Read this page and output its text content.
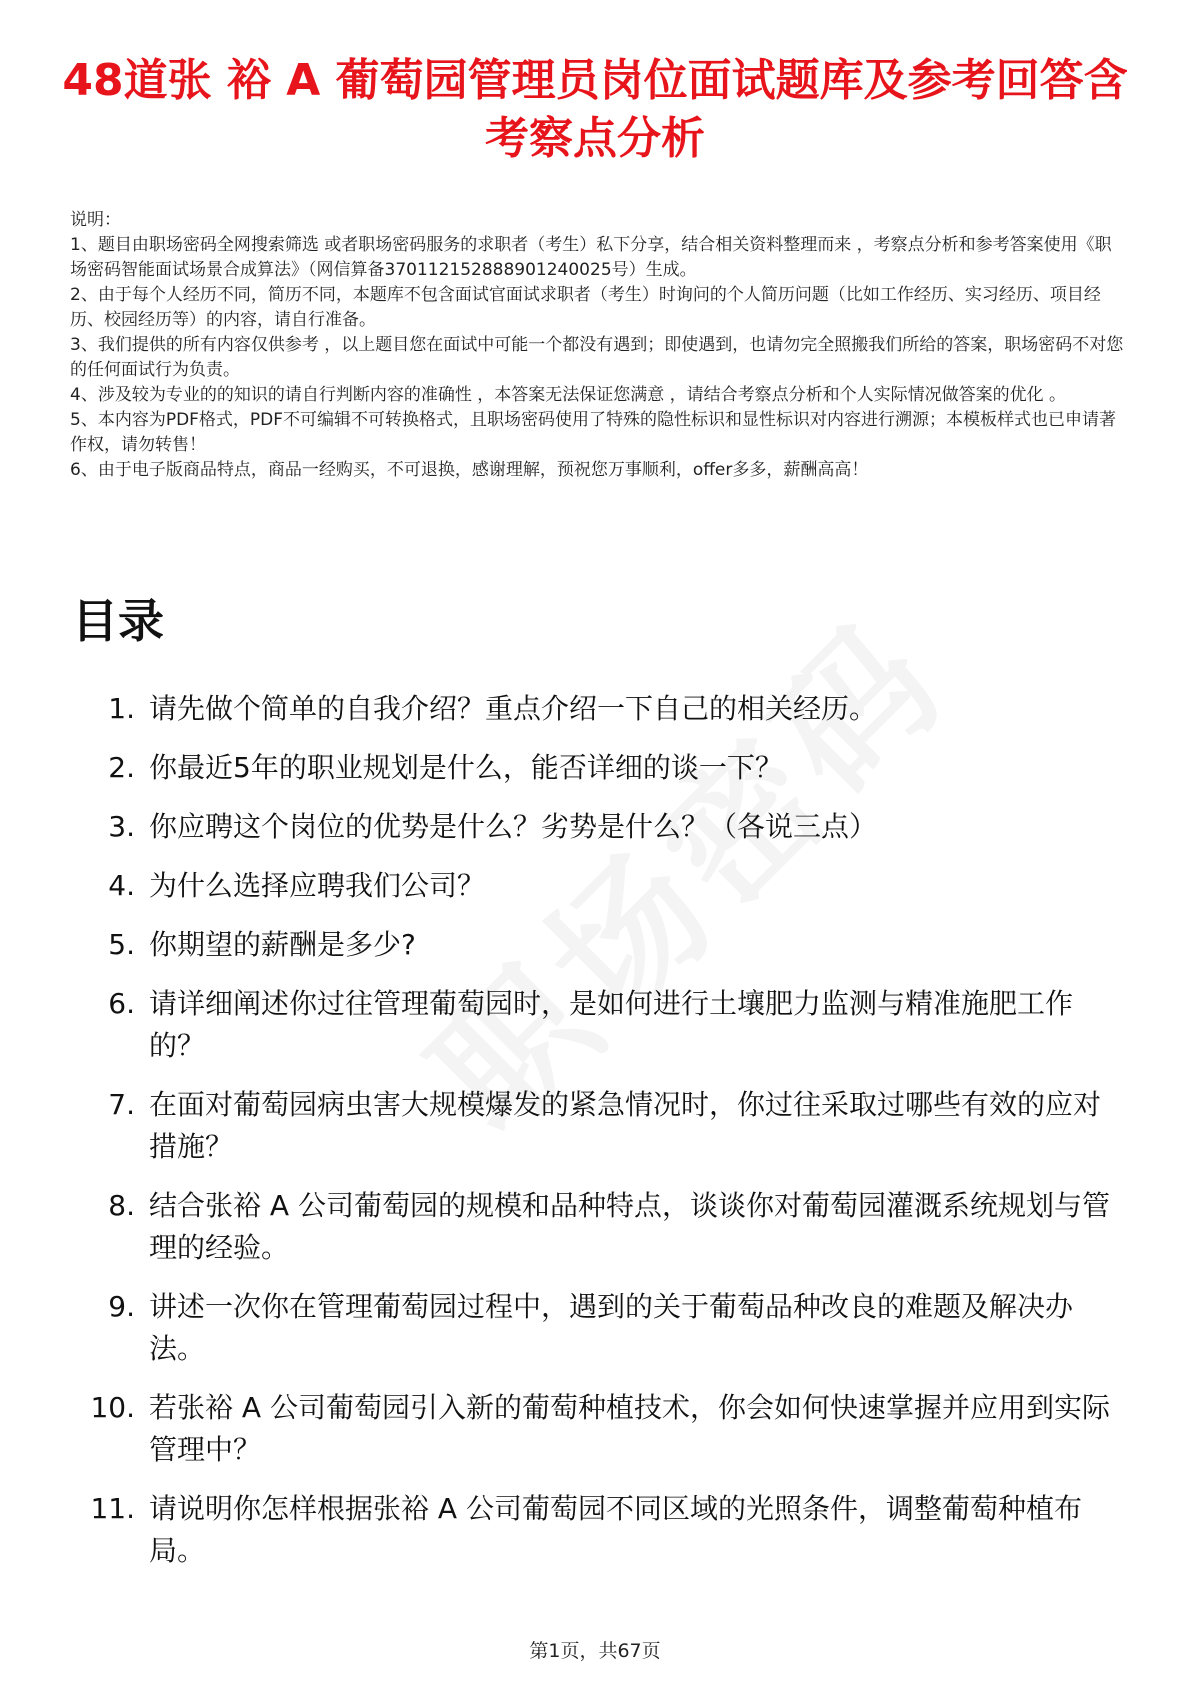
48道张 裕 A 葡萄园管理员岗位面试题库及参考回答含考察点分析
说明：
1、题目由职场密码全网搜索筛选 或者职场密码服务的求职者（考生）私下分享，结合相关资料整理而来 ，考察点分析和参考答案使用《职场密码智能面试场景合成算法》（网信算备370112152888901240025号）生成。
2、由于每个人经历不同，简历不同，本题库不包含面试官面试求职者（考生）时询问的个人简历问题（比如工作经历、实习经历、项目经历、校园经历等）的内容，请自行准备。
3、我们提供的所有内容仅供参考 ，以上题目您在面试中可能一个都没有遇到；即使遇到，也请勿完全照搬我们所给的答案，职场密码不对您的任何面试行为负责。
4、涉及较为专业的的知识的请自行判断内容的准确性 ，本答案无法保证您满意 ，请结合考察点分析和个人实际情况做答案的优化 。
5、本内容为PDF格式，PDF不可编辑不可转换格式，且职场密码使用了特殊的隐性标识和显性标识对内容进行溯源；本模板样式也已申请著作权，请勿转售！
6、由于电子版商品特点，商品一经购买，不可退换，感谢理解，预祝您万事顺利，offer多多，薪酬高高！
目录
1. 请先做个简单的自我介绍？重点介绍一下自己的相关经历。
2. 你最近5年的职业规划是什么，能否详细的谈一下？
3. 你应聘这个岗位的优势是什么？劣势是什么？（各说三点）
4. 为什么选择应聘我们公司？
5. 你期望的薪酬是多少?
6. 请详细阐述你过往管理葡萄园时，是如何进行土壤肥力监测与精准施肥工作的？
7. 在面对葡萄园病虫害大规模爆发的紧急情况时，你过往采取过哪些有效的应对措施？
8. 结合张裕 A 公司葡萄园的规模和品种特点，谈谈你对葡萄园灌溉系统规划与管理的经验。
9. 讲述一次你在管理葡萄园过程中，遇到的关于葡萄品种改良的难题及解决办法。
10. 若张裕 A 公司葡萄园引入新的葡萄种植技术，你会如何快速掌握并应用到实际管理中？
11. 请说明你怎样根据张裕 A 公司葡萄园不同区域的光照条件，调整葡萄种植布局。
第1页，共67页
